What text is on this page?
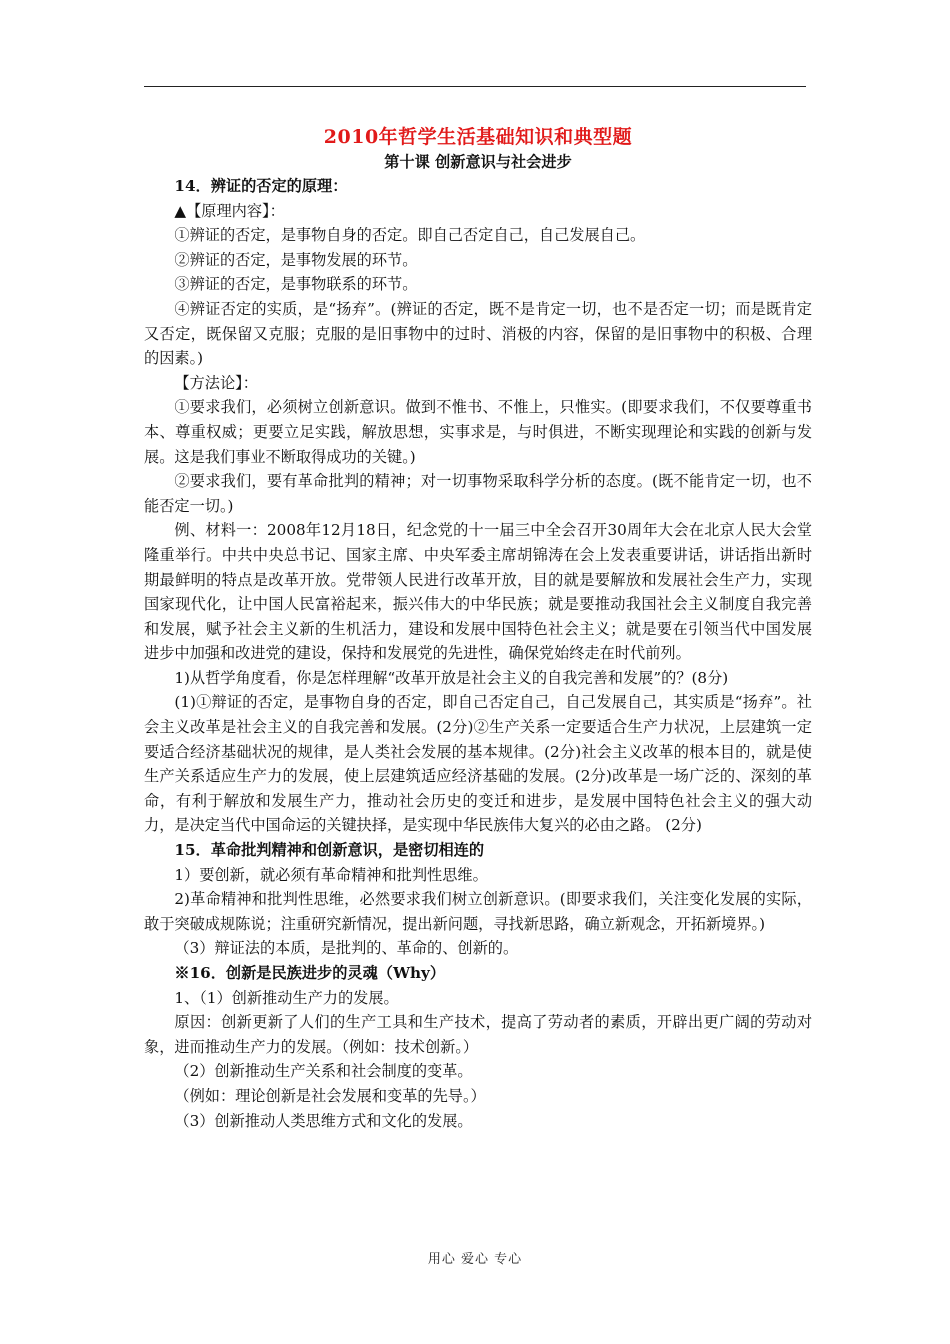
2010年哲学生活基础知识和典型题
第十课 创新意识与社会进步

14．辨证的否定的原理：

▲【原理内容】：

①辨证的否定，是事物自身的否定。即自己否定自己，自己发展自己。

②辨证的否定，是事物发展的环节。

③辨证的否定，是事物联系的环节。

④辨证否定的实质，是“扬弃”。(辨证的否定，既不是肯定一切，也不是否定一切；而是既肯定又否定，既保留又克服；克服的是旧事物中的过时、消极的内容，保留的是旧事物中的积极、合理的因素。)

【方法论】：

①要求我们，必须树立创新意识。做到不惟书、不惟上，只惟实。(即要求我们，不仅要尊重书本、尊重权威；更要立足实践，解放思想，实事求是，与时俱进，不断实现理论和实践的创新与发展。这是我们事业不断取得成功的关键。)

②要求我们，要有革命批判的精神；对一切事物采取科学分析的态度。(既不能肯定一切，也不能否定一切。)

例、材料一：2008年12月18日，纪念党的十一届三中全会召开30周年大会在北京人民大会堂隆重举行。中共中央总书记、国家主席、中央军委主席胡锦涛在会上发表重要讲话，讲话指出新时期最鲜明的特点是改革开放。党带领人民进行改革开放，目的就是要解放和发展社会生产力，实现国家现代化，让中国人民富裕起来，振兴伟大的中华民族；就是要推动我国社会主义制度自我完善和发展，赋予社会主义新的生机活力，建设和发展中国特色社会主义；就是要在引领当代中国发展进步中加强和改进党的建设，保持和发展党的先进性，确保党始终走在时代前列。

1)从哲学角度看，你是怎样理解“改革开放是社会主义的自我完善和发展”的？(8分)

(1)①辩证的否定，是事物自身的否定，即自己否定自己，自己发展自己，其实质是“扬弃”。社会主义改革是社会主义的自我完善和发展。(2分)②生产关系一定要适合生产力状况，上层建筑一定要适合经济基础状况的规律，是人类社会发展的基本规律。(2分)社会主义改革的根本目的，就是使生产关系适应生产力的发展，使上层建筑适应经济基础的发展。(2分)改革是一场广泛的、深刻的革命，有利于解放和发展生产力，推动社会历史的变迁和进步，是发展中国特色社会主义的强大动力，是决定当代中国命运的关键抉择，是实现中华民族伟大复兴的必由之路。 (2分)

15．革命批判精神和创新意识，是密切相连的

1）要创新，就必须有革命精神和批判性思维。

2)革命精神和批判性思维，必然要求我们树立创新意识。(即要求我们，关注变化发展的实际，敢于突破成规陈说；注重研究新情况，提出新问题，寻找新思路，确立新观念，开拓新境界。)

（3）辩证法的本质，是批判的、革命的、创新的。

※16．创新是民族进步的灵魂（Why）

1、（1）创新推动生产力的发展。

原因：创新更新了人们的生产工具和生产技术，提高了劳动者的素质，开辟出更广阔的劳动对象，进而推动生产力的发展。（例如：技术创新。）

（2）创新推动生产关系和社会制度的变革。

（例如：理论创新是社会发展和变革的先导。）

（3）创新推动人类思维方式和文化的发展。

用心 爱心 专心
